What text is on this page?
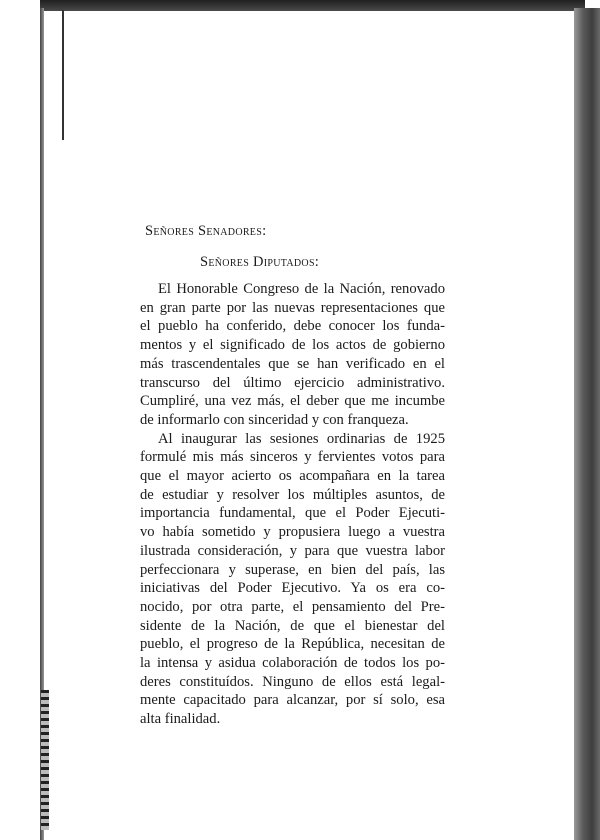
Señores Senadores:

Señores Diputados:

El Honorable Congreso de la Nación, renovado
en gran parte por las nuevas representaciones que
el pueblo ha conferido, debe conocer los funda-
mentos y el significado de los actos de gobierno
más trascendentales que se han verificado en el
transcurso del último ejercicio administrativo.
Cumpliré, una vez más, el deber que me incumbe
de informarlo con sinceridad y con franqueza.
Al inaugurar las sesiones ordinarias de 1925
formulé mis más sinceros y fervientes votos para
que el mayor acierto os acompañara en la tarea
de estudiar y resolver los múltiples asuntos, de
importancia fundamental, que el Poder Ejecuti-
vo había sometido y propusiera luego a vuestra
ilustrada consideración, y para que vuestra labor
perfeccionara y superase, en bien del país, las
iniciativas del Poder Ejecutivo. Ya os era co-
nocido, por otra parte, el pensamiento del Pre-
sidente de la Nación, de que el bienestar del
pueblo, el progreso de la República, necesitan de
la intensa y asidua colaboración de todos los po-
deres constituídos. Ninguno de ellos está legal-
mente capacitado para alcanzar, por sí solo, esa
alta finalidad.
